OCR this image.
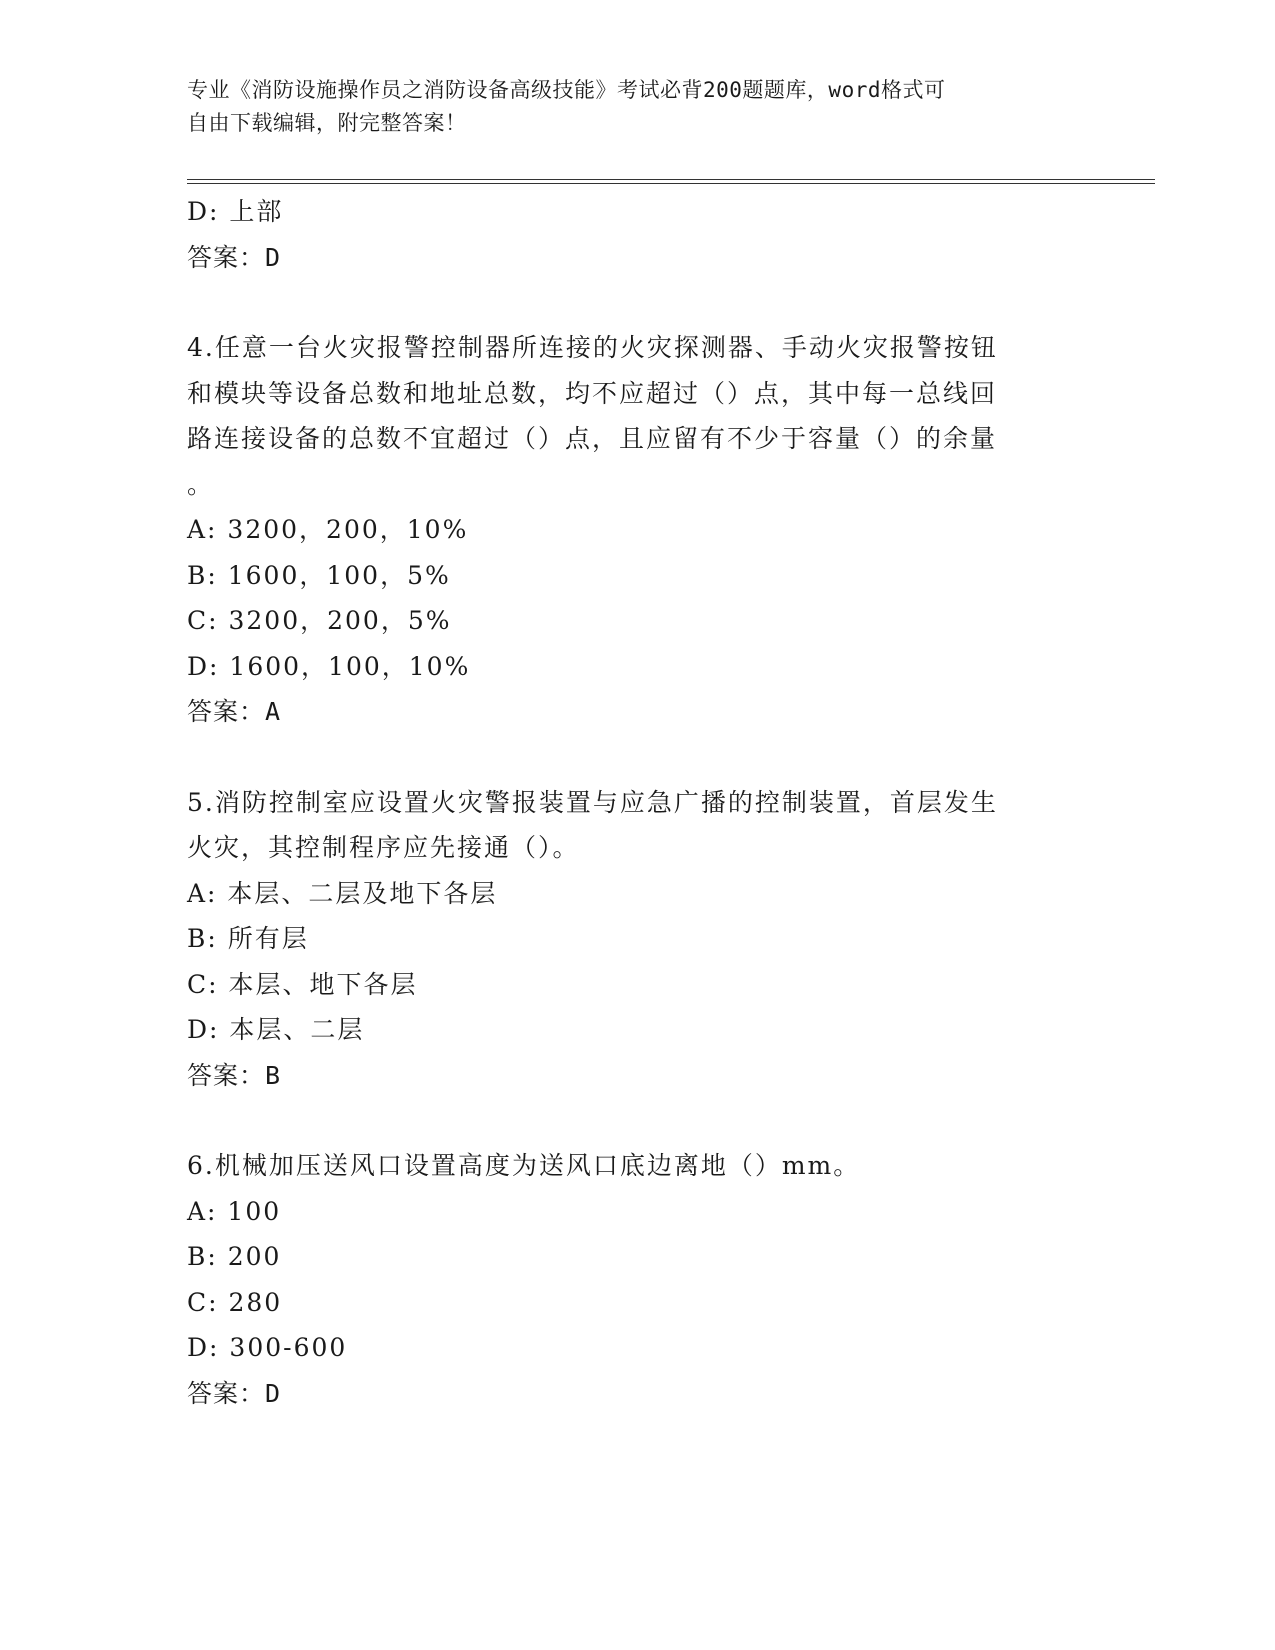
专业《消防设施操作员之消防设备高级技能》考试必背200题题库，word格式可
自由下载编辑，附完整答案！
D: 上部
答案：D
4.任意一台火灾报警控制器所连接的火灾探测器、手动火灾报警按钮
和模块等设备总数和地址总数，均不应超过（）点，其中每一总线回
路连接设备的总数不宜超过（）点，且应留有不少于容量（）的余量
。
A: 3200，200，10%
B: 1600，100，5%
C: 3200，200，5%
D: 1600，100，10%
答案：A
5.消防控制室应设置火灾警报装置与应急广播的控制装置，首层发生
火灾，其控制程序应先接通（）。
A: 本层、二层及地下各层
B: 所有层
C: 本层、地下各层
D: 本层、二层
答案：B
6.机械加压送风口设置高度为送风口底边离地（）mm。
A: 100
B: 200
C: 280
D: 300-600
答案：D
